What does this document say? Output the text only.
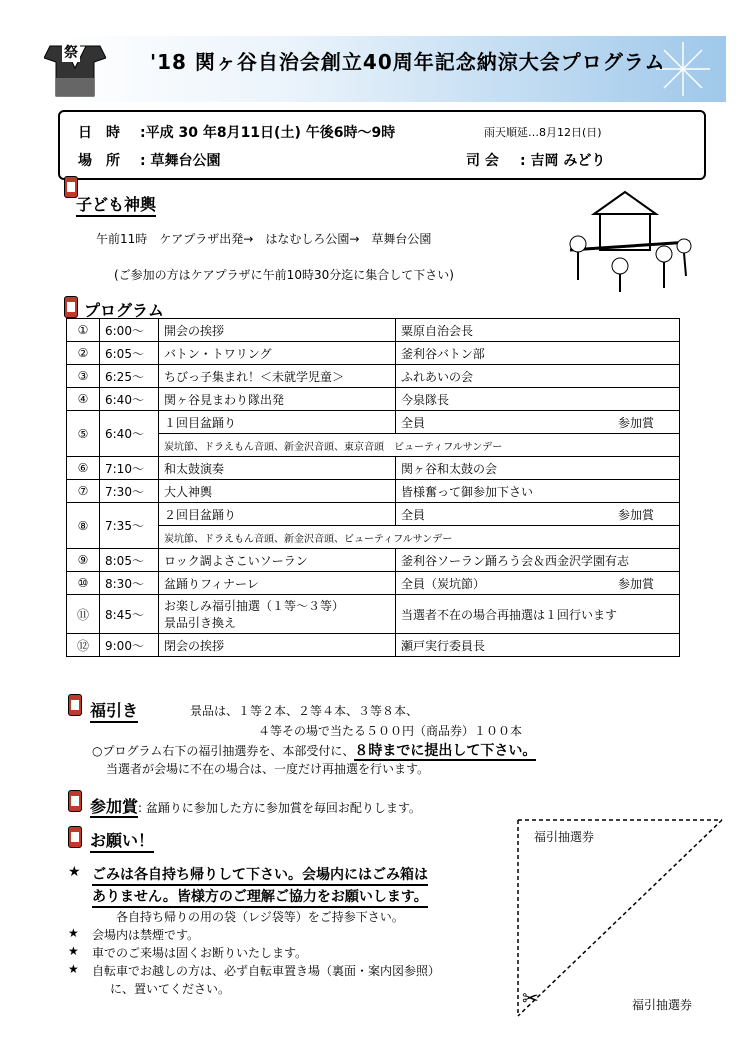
祭	'18 関ヶ谷自治会創立40周年記念納涼大会プログラム
日　時 :平成 30 年8月11日(土) 午後6時～9時	雨天順延…8月12日(日)
場　所 : 草舞台公園	司 会 : 吉岡 みどり
子ども神輿
午前11時　ケアプラザ出発→　はなむしろ公園→　草舞台公園
(ご参加の方はケアプラザに午前10時30分迄に集合して下さい)
プログラム
①	6:00～	開会の挨拶	粟原自治会長
②	6:05～	バトン・トワリング	釜利谷バトン部
③	6:25～	ちびっ子集まれ！＜未就学児童＞	ふれあいの会
④	6:40～	関ヶ谷見まわり隊出発	今泉隊長
⑤	6:40～	１回目盆踊り	全員 参加賞

		炭坑節、ドラえもん音頭、新金沢音頭、東京音頭　ビューティフルサンデー	
⑥	7:10～	和太鼓演奏	関ヶ谷和太鼓の会
⑦	7:30～	大人神輿	皆様奮って御参加下さい
⑧	7:35～	２回目盆踊り	全員 参加賞

		炭坑節、ドラえもん音頭、新金沢音頭、ビューティフルサンデー	
⑨	8:05～	ロック調よさこいソーラン	釜利谷ソーラン踊ろう会＆西金沢学園有志
⑩	8:30～	盆踊りフィナーレ	全員（炭坑節） 参加賞

⑪	8:45～	お楽しみ福引抽選（１等～３等）
景品引き換え	当選者不在の場合再抽選は１回行います
⑫	9:00～	閉会の挨拶	瀬戸実行委員長
福引き	景品は、１等２本、２等４本、３等８本、
４等その場で当たる５００円（商品券）１００本
○プログラム右下の福引抽選券を、本部受付に、８時までに提出して下さい。
当選者が会場に不在の場合は、一度だけ再抽選を行います。
参加賞: 盆踊りに参加した方に参加賞を毎回お配りします。
お願い！
★ ごみは各自持ち帰りして下さい。会場内にはごみ箱は
ありません。皆様方のご理解ご協力をお願いします。
各自持ち帰りの用の袋（レジ袋等）をご持参下さい。
★ 会場内は禁煙です。
★ 車でのご来場は固くお断りいたします。
★ 自転車でお越しの方は、必ず自転車置き場（裏面・案内図参照）
に、置いてください。	✂
福引抽選券
福引抽選券
